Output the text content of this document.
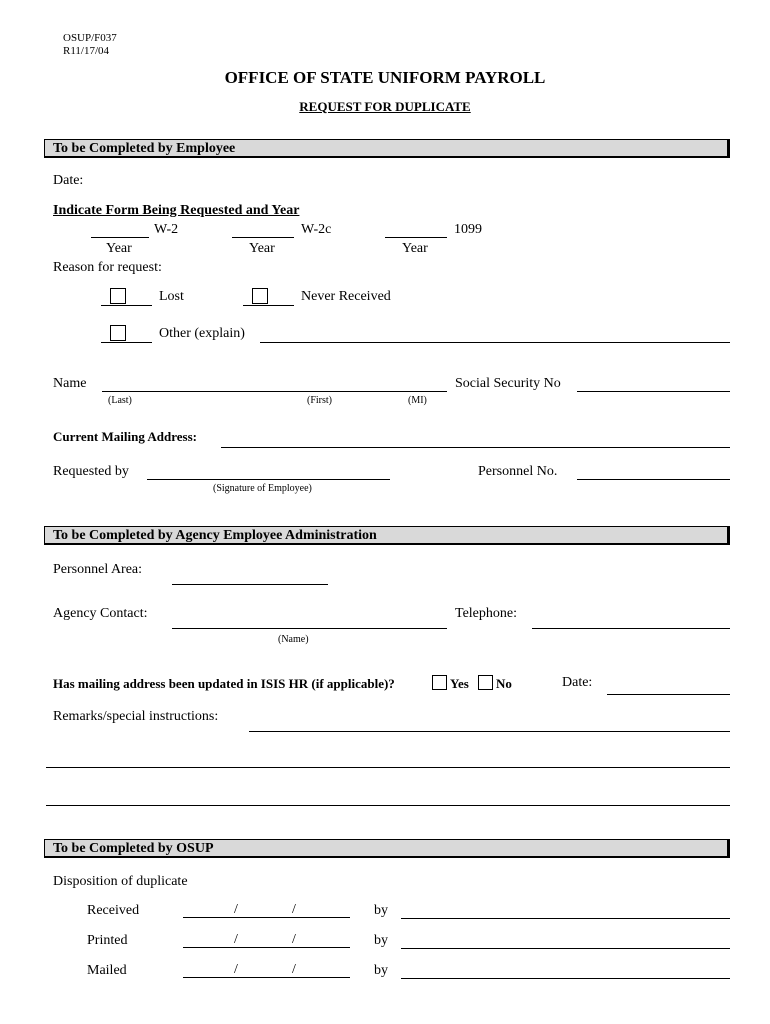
OSUP/F037
R11/17/04
OFFICE OF STATE UNIFORM PAYROLL
REQUEST FOR DUPLICATE
To be Completed by Employee
Date:
Indicate Form Being Requested and Year
W-2	W-2c	1099
Year	Year	Year
Reason for request:
Lost	Never Received
Other (explain)
Name
(Last)	(First)	(MI)
Social Security No
Current Mailing Address:
Requested by
(Signature of Employee)
Personnel No.
To be Completed by Agency Employee Administration
Personnel Area:
Agency Contact:
(Name)
Telephone:
Has mailing address been updated in ISIS HR (if applicable)?	Yes No	Date:
Remarks/special instructions:
To be Completed by OSUP
Disposition of duplicate
Received	/	/	by
Printed	/	/	by
Mailed	/	/	by
